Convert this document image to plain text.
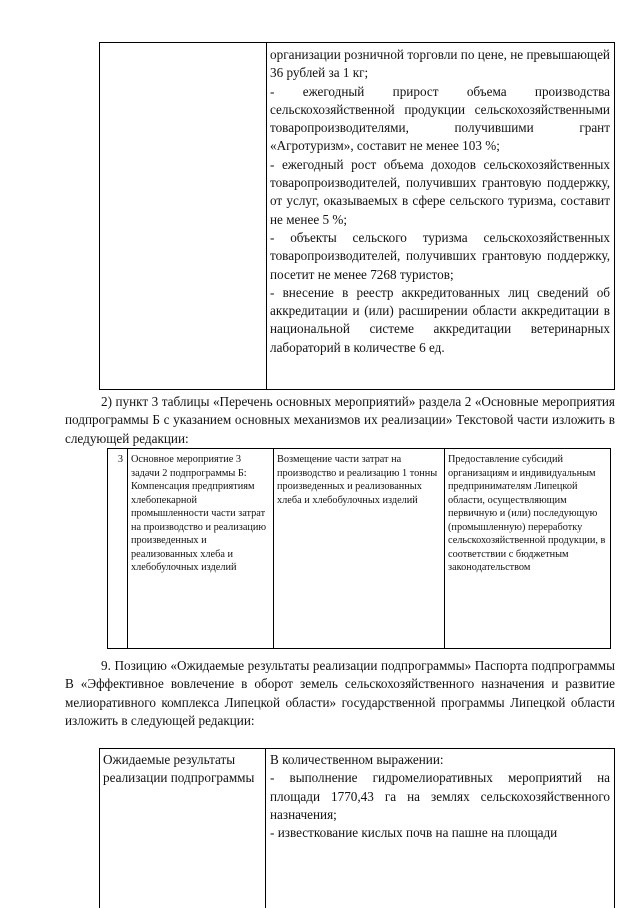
организации розничной торговли по цене, не превышающей 36 рублей за 1 кг;

- ежегодный прирост объема производства сельскохозяйственной продукции сельскохозяйственными товаропроизводителями, получившими грант «Агротуризм», составит не менее 103 %;

- ежегодный рост объема доходов сельскохозяйственных товаропроизводителей, получивших грантовую поддержку, от услуг, оказываемых в сфере сельского туризма, составит не менее 5 %;

- объекты сельского туризма сельскохозяйственных товаропроизводителей, получивших грантовую поддержку, посетит не менее 7268 туристов;

- внесение в реестр аккредитованных лиц сведений об аккредитации и (или) расширении области аккредитации в национальной системе аккредитации ветеринарных лабораторий в количестве 6 ед.

2) пункт 3 таблицы «Перечень основных мероприятий» раздела 2 «Основные мероприятия подпрограммы Б с указанием основных механизмов их реализации» Текстовой части изложить в следующей редакции:

3 Основное мероприятие 3 задачи 2 подпрограммы Б: Компенсация предприятиям хлебопекарной промышленности части затрат на производство и реализацию произведенных и реализованных хлеба и хлебобулочных изделий
Возмещение части затрат на производство и реализацию 1 тонны произведенных и реализованных хлеба и хлебобулочных изделий
Предоставление субсидий организациям и индивидуальным предпринимателям Липецкой области, осуществляющим первичную и (или) последующую (промышленную) переработку сельскохозяйственной продукции, в соответствии с бюджетным законодательством

9. Позицию «Ожидаемые результаты реализации подпрограммы» Паспорта подпрограммы В «Эффективное вовлечение в оборот земель сельскохозяйственного назначения и развитие мелиоративного комплекса Липецкой области» государственной программы Липецкой области изложить в следующей редакции:

Ожидаемые результаты реализации подпрограммы

В количественном выражении:

- выполнение гидромелиоративных мероприятий на площади 1770,43 га на землях сельскохозяйственного назначения;

- известкование кислых почв на пашне на площади
